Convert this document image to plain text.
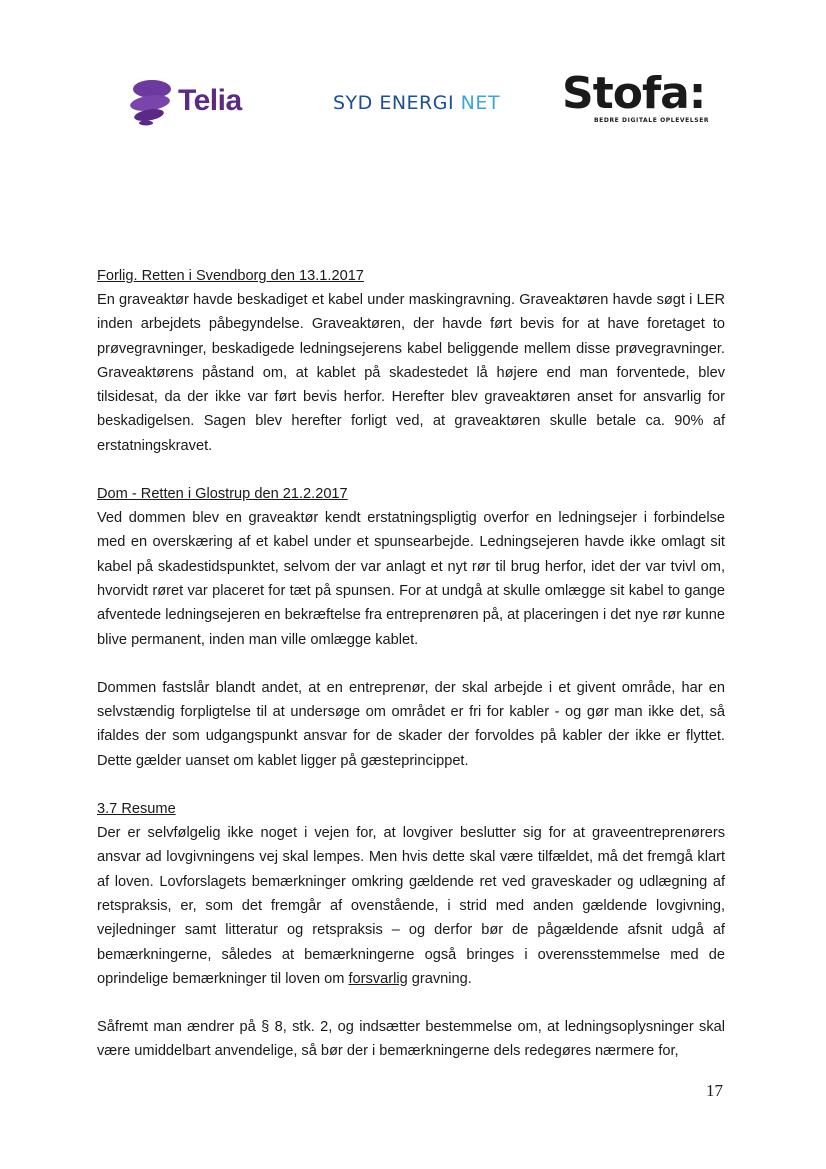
Telia	SYD ENERGI NET Stofa:
BEDRE DIGITALE OPLEVELSER
Forlig. Retten i Svendborg den 13.1.2017

En graveaktør havde beskadiget et kabel under maskingravning. Graveaktøren havde søgt i LER inden arbejdets påbegyndelse. Graveaktøren, der havde ført bevis for at have foretaget to prøvegravninger, beskadigede ledningsejerens kabel beliggende mellem disse prøvegravninger. Graveaktørens påstand om, at kablet på skadestedet lå højere end man forventede, blev tilsidesat, da der ikke var ført bevis herfor. Herefter blev graveaktøren anset for ansvarlig for beskadigelsen. Sagen blev herefter forligt ved, at graveaktøren skulle betale ca. 90% af erstatningskravet.

Dom - Retten i Glostrup den 21.2.2017

Ved dommen blev en graveaktør kendt erstatningspligtig overfor en ledningsejer i forbindelse med en overskæring af et kabel under et spunsearbejde. Ledningsejeren havde ikke omlagt sit kabel på skadestidspunktet, selvom der var anlagt et nyt rør til brug herfor, idet der var tvivl om, hvorvidt røret var placeret for tæt på spunsen. For at undgå at skulle omlægge sit kabel to gange afventede ledningsejeren en bekræftelse fra entreprenøren på, at placeringen i det nye rør kunne blive permanent, inden man ville omlægge kablet.

Dommen fastslår blandt andet, at en entreprenør, der skal arbejde i et givent område, har en selvstændig forpligtelse til at undersøge om området er fri for kabler - og gør man ikke det, så ifaldes der som udgangspunkt ansvar for de skader der forvoldes på kabler der ikke er flyttet. Dette gælder uanset om kablet ligger på gæsteprincippet.

3.7 Resume

Der er selvfølgelig ikke noget i vejen for, at lovgiver beslutter sig for at graveentreprenørers ansvar ad lovgivningens vej skal lempes. Men hvis dette skal være tilfældet, må det fremgå klart af loven. Lovforslagets bemærkninger omkring gældende ret ved graveskader og udlægning af retspraksis, er, som det fremgår af ovenstående, i strid med anden gældende lovgivning, vejledninger samt litteratur og retspraksis – og derfor bør de pågældende afsnit udgå af bemærkningerne, således at bemærkningerne også bringes i overensstemmelse med de oprindelige bemærkninger til loven om forsvarlig gravning.

Såfremt man ændrer på § 8, stk. 2, og indsætter bestemmelse om, at ledningsoplysninger skal være umiddelbart anvendelige, så bør der i bemærkningerne dels redegøres nærmere for,

17
